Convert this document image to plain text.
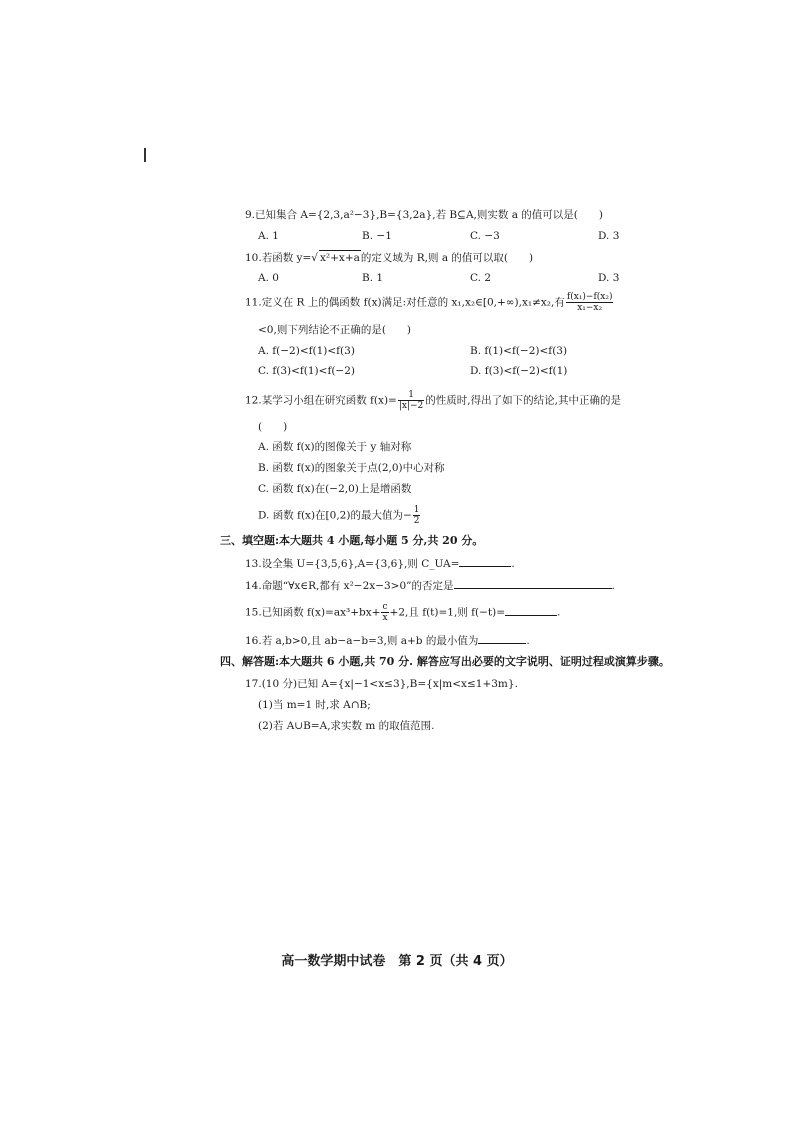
9.已知集合 A={2,3,a²−3},B={3,2a},若 B⊆A,则实数 a 的值可以是(　　)
A. 1	B. −1	C. −3	D. 3
10.若函数 y=√ x²+x+a的定义域为 R,则 a 的值可以取(　　)
A. 0	B. 1	C. 2	D. 3
11.定义在 R 上的偶函数 f(x)满足:对任意的 x₁,x₂∈[0,+∞),x₁≠x₂,有 $\frac{\text{f(x₁)−f(x₂)}}{\text{x₁−x₂}}$
<0,则下列结论不正确的是(　　)
A. f(−2)<f(1)<f(3)	B. f(1)<f(−2)<f(3)
C. f(3)<f(1)<f(−2)	D. f(3)<f(−2)<f(1)
12.某学习小组在研究函数 $f(x)= \frac{1}{|x|-2}$ 的性质时,得出了如下的结论,其中正确的是
(　　)
A. 函数 f(x)的图像关于 y 轴对称
B. 函数 f(x)的图象关于点(2,0)中心对称
C. 函数 f(x)在(−2,0)上是增函数
D. 函数 f(x)在[0,2)的最大值为− $\frac{1}{2}$
三、填空题:本大题共 4 小题,每小题 5 分,共 20 分。
13.设全集 U={3,5,6},A={3,6},则 C_UA=	.
14.命题“∀x∈R,都有 x²−2x−3>0”的否定是	.
15.已知函数 $f(x)=ax^3+bx+ \frac{c}{x} +2$,且 f(t)=1,则 f(−t)=	.
16.若 a,b>0,且 ab−a−b=3,则 a+b 的最小值为	.
四、解答题:本大题共 6 小题,共 70 分. 解答应写出必要的文字说明、证明过程或演算步骤。
17.(10 分)已知 A={x|−1<x≤3},B={x|m<x≤1+3m}.
(1)当 m=1 时,求 A∩B;
(2)若 A∪B=A,求实数 m 的取值范围.
高一数学期中试卷　第 2 页（共 4 页）
